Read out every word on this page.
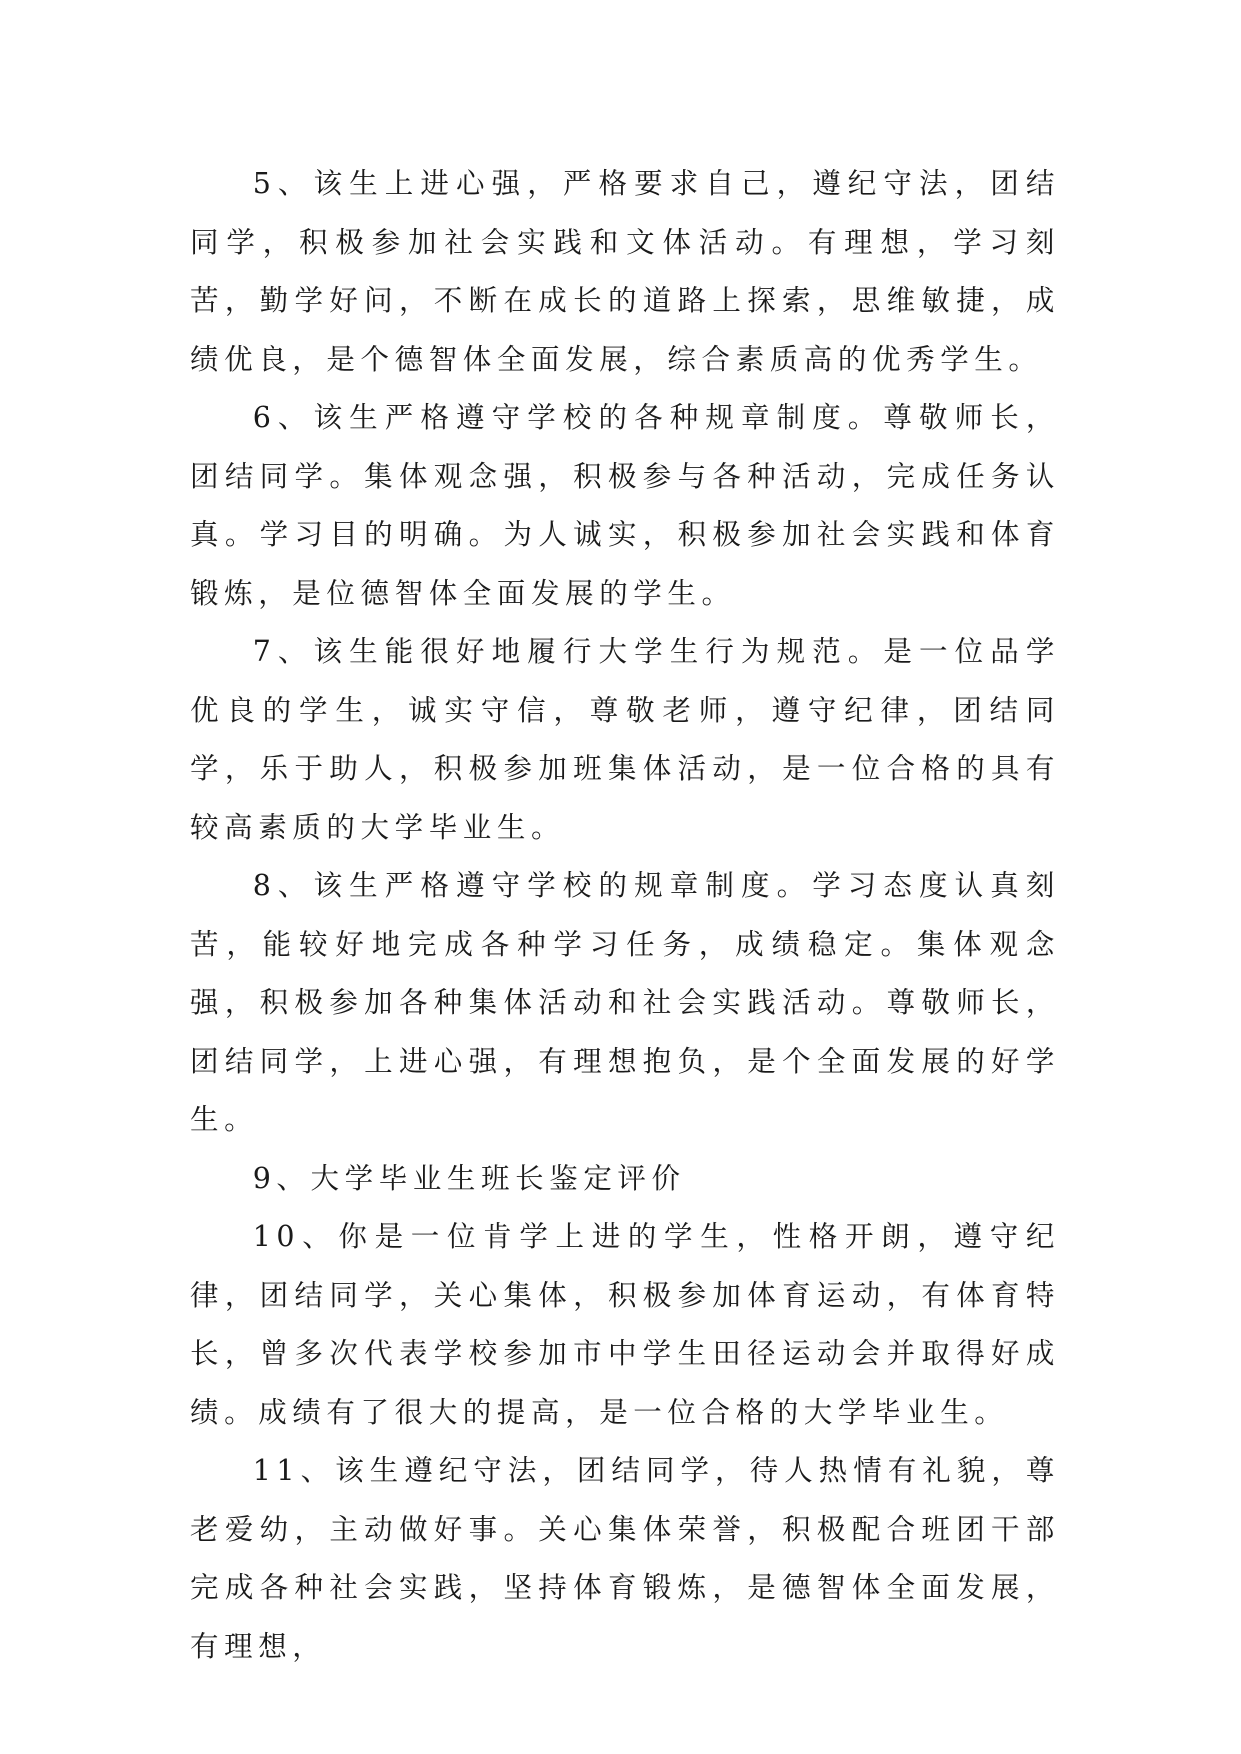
5、该生上进心强，严格要求自己，遵纪守法，团结同学，积极参加社会实践和文体活动。有理想，学习刻苦，勤学好问，不断在成长的道路上探索，思维敏捷，成绩优良，是个德智体全面发展，综合素质高的优秀学生。

6、该生严格遵守学校的各种规章制度。尊敬师长，团结同学。集体观念强，积极参与各种活动，完成任务认真。学习目的明确。为人诚实，积极参加社会实践和体育锻炼，是位德智体全面发展的学生。

7、该生能很好地履行大学生行为规范。是一位品学优良的学生，诚实守信，尊敬老师，遵守纪律，团结同学，乐于助人，积极参加班集体活动，是一位合格的具有较高素质的大学毕业生。

8、该生严格遵守学校的规章制度。学习态度认真刻苦，能较好地完成各种学习任务，成绩稳定。集体观念强，积极参加各种集体活动和社会实践活动。尊敬师长，团结同学，上进心强，有理想抱负，是个全面发展的好学生。

9、大学毕业生班长鉴定评价

10、你是一位肯学上进的学生，性格开朗，遵守纪律，团结同学，关心集体，积极参加体育运动，有体育特长，曾多次代表学校参加市中学生田径运动会并取得好成绩。成绩有了很大的提高，是一位合格的大学毕业生。

11、该生遵纪守法，团结同学，待人热情有礼貌，尊老爱幼，主动做好事。关心集体荣誉，积极配合班团干部完成各种社会实践，坚持体育锻炼，是德智体全面发展，有理想，
